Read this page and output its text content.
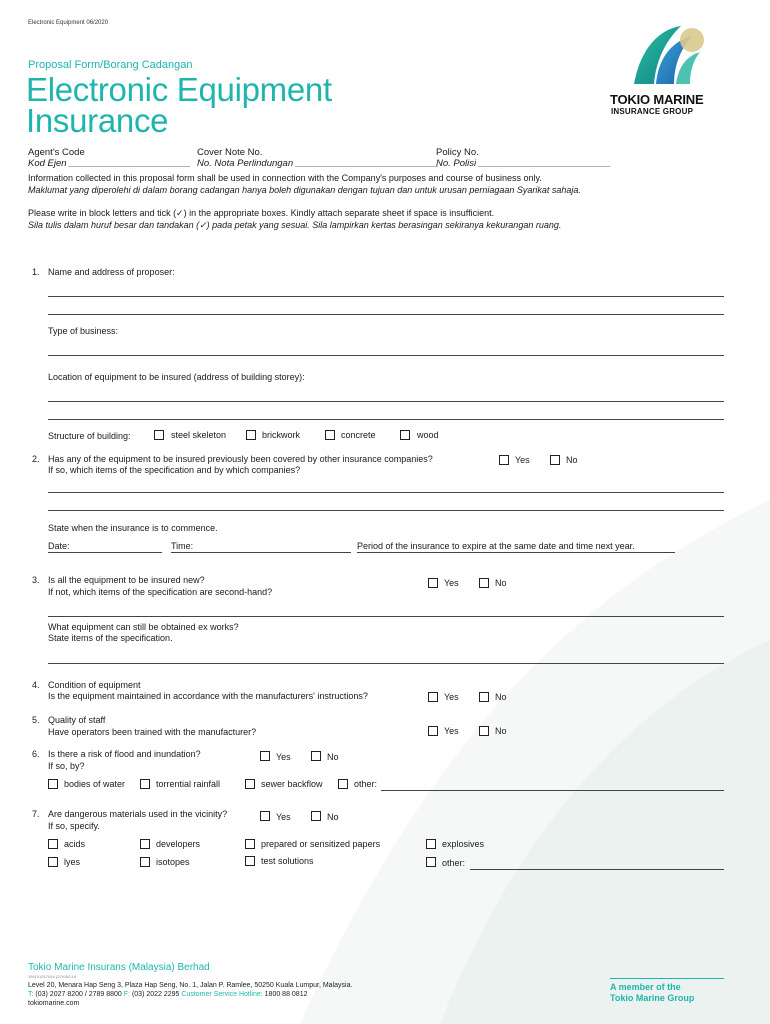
Electronic Equipment 06/2020
Proposal Form/Borang Cadangan
Electronic Equipment
Insurance
TOKIO MARINE
INSURANCE GROUP
Agent's Code
Kod Ejen _______________________
Cover Note No.
No. Nota Perlindungan ___________________________
Policy No.
No. Polisi _________________________
Information collected in this proposal form shall be used in connection with the Company's purposes and course of business only.
Maklumat yang diperolehi di dalam borang cadangan hanya boleh digunakan dengan tujuan dan untuk urusan perniagaan Syarikat sahaja.
Please write in block letters and tick (✓) in the appropriate boxes. Kindly attach separate sheet if space is insufficient.
Sila tulis dalam huruf besar dan tandakan (✓) pada petak yang sesuai. Sila lampirkan kertas berasingan sekiranya kekurangan ruang.
1. Name and address of proposer:
Type of business:
Location of equipment to be insured (address of building storey):
Structure of building:	steel skeleton	brickwork	concrete	wood
2. Has any of the equipment to be insured previously been covered by other insurance companies?
If so, which items of the specification and by which companies?
Yes	No
State when the insurance is to commence.
Date:	Time:	Period of the insurance to expire at the same date and time next year.
3. Is all the equipment to be insured new?
If not, which items of the specification are second-hand?
Yes	No
What equipment can still be obtained ex works?
State items of the specification.
4. Condition of equipment
Is the equipment maintained in accordance with the manufacturers' instructions?	Yes	No
5. Quality of staff
Have operators been trained with the manufacturer?	Yes	No
6. Is there a risk of flood and inundation?
If so, by?
Yes	No
bodies of water	torrential rainfall	sewer backflow	other:
7. Are dangerous materials used in the vicinity?
If so, specify.
Yes	No
acids	developers	prepared or sensitized papers	explosives
lyes	isotopes	test solutions	other:
Tokio Marine Insurans (Malaysia) Berhad
199101017094 (229150-U)
Level 20, Menara Hap Seng 3, Plaza Hap Seng, No. 1, Jalan P. Ramlee, 50250 Kuala Lumpur, Malaysia.
T: (03) 2027 8200 / 2789 8800 F: (03) 2022 2295 Customer Service Hotline: 1800 88 0812
tokiomarine.com
A member of the
Tokio Marine Group
